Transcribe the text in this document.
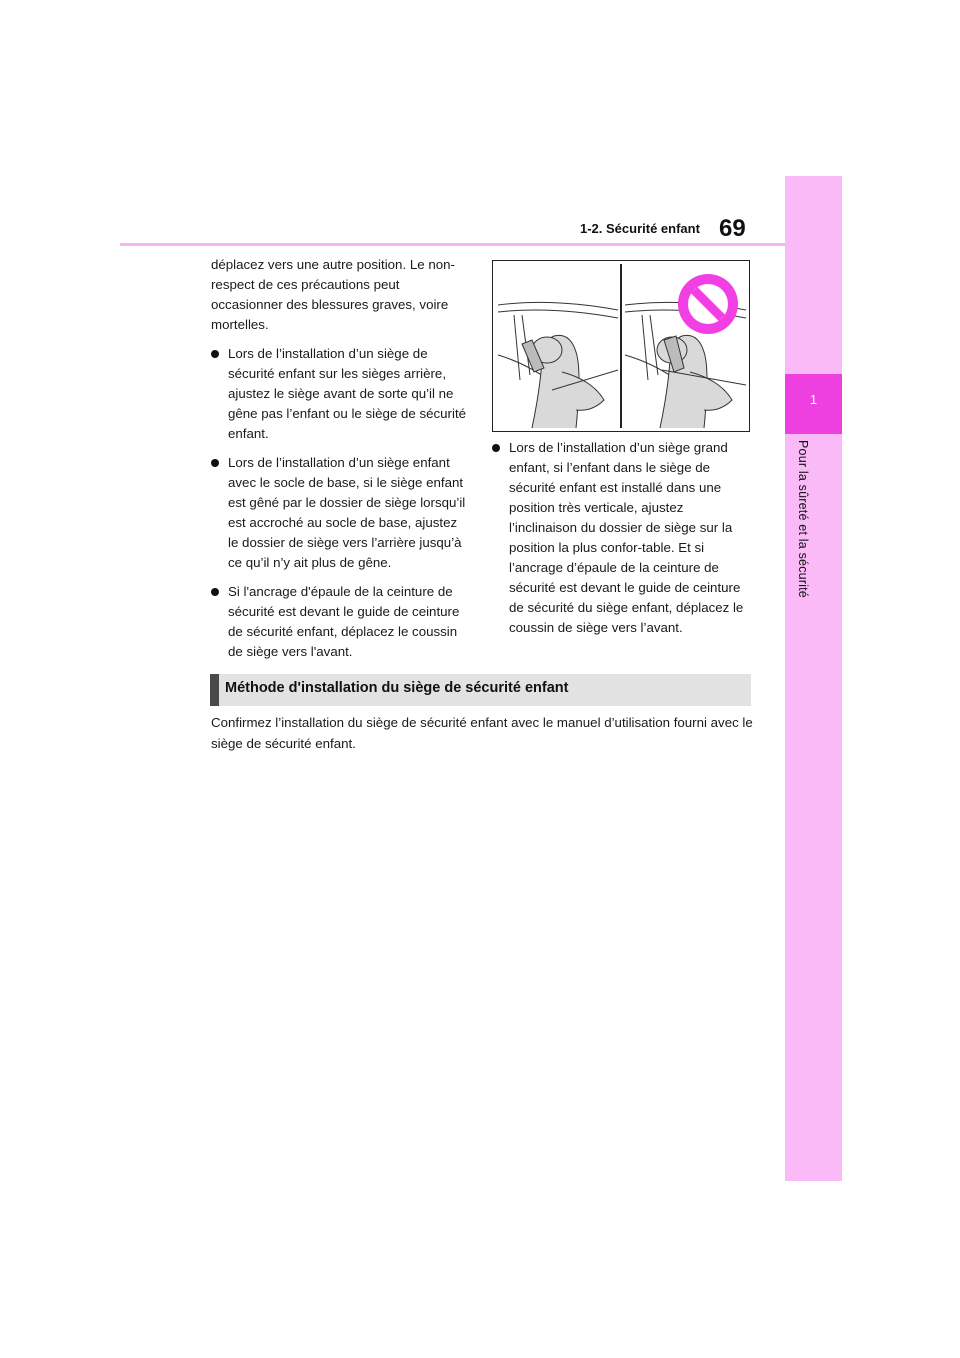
69
1-2. Sécurité enfant
1
Pour la sûreté et la sécurité

déplacez vers une autre position. Le non-respect de ces précautions peut occasionner des blessures graves, voire mortelles.

Lors de l’installation d’un siège de sécurité enfant sur les sièges arrière, ajustez le siège avant de sorte qu’il ne gêne pas l’enfant ou le siège de sécurité enfant.
Lors de l’installation d’un siège enfant avec le socle de base, si le siège enfant est gêné par le dossier de siège lorsqu’il est accroché au socle de base, ajustez le dossier de siège vers l’arrière jusqu’à ce qu’il n’y ait plus de gêne.
Si l'ancrage d'épaule de la ceinture de sécurité est devant le guide de ceinture de sécurité enfant, déplacez le coussin de siège vers l'avant.
Lors de l’installation d’un siège grand enfant, si l’enfant dans le siège de sécurité enfant est installé dans une position très verticale, ajustez l’inclinaison du dossier de siège sur la position la plus confor-table. Et si l’ancrage d’épaule de la ceinture de sécurité est devant le guide de ceinture de sécurité du siège enfant, déplacez le coussin de siège vers l’avant.
Méthode d'installation du siège de sécurité enfant
Confirmez l’installation du siège de sécurité enfant avec le manuel d’utilisation fourni avec le siège de sécurité enfant.
